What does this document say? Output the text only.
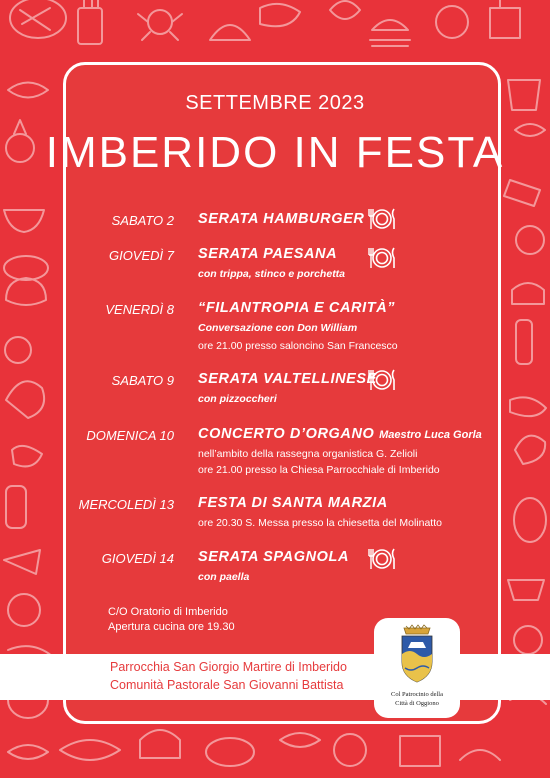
SETTEMBRE 2023
IMBERIDO IN FESTA
SABATO 2 SERATA HAMBURGER
GIOVEDÌ 7 SERATA PAESANA
con trippa, stinco e porchetta
VENERDÌ 8 “FILANTROPIA E CARITÀ”
Conversazione con Don William
ore 21.00 presso saloncino San Francesco
SABATO 9 SERATA VALTELLINESE
con pizzoccheri
DOMENICA 10 CONCERTO D’ORGANO Maestro Luca Gorla
nell’ambito della rassegna organistica G. Zelioli
ore 21.00 presso la Chiesa Parrocchiale di Imberido
MERCOLEDÌ 13 FESTA DI SANTA MARZIA
ore 20.30 S. Messa presso la chiesetta del Molinatto
GIOVEDÌ 14 SERATA SPAGNOLA
con paella
C/O Oratorio di Imberido
Apertura cucina ore 19.30
Parrocchia San Giorgio Martire di Imberido
Comunità Pastorale San Giovanni Battista
Col Patrocinio della
Città di Oggiono
